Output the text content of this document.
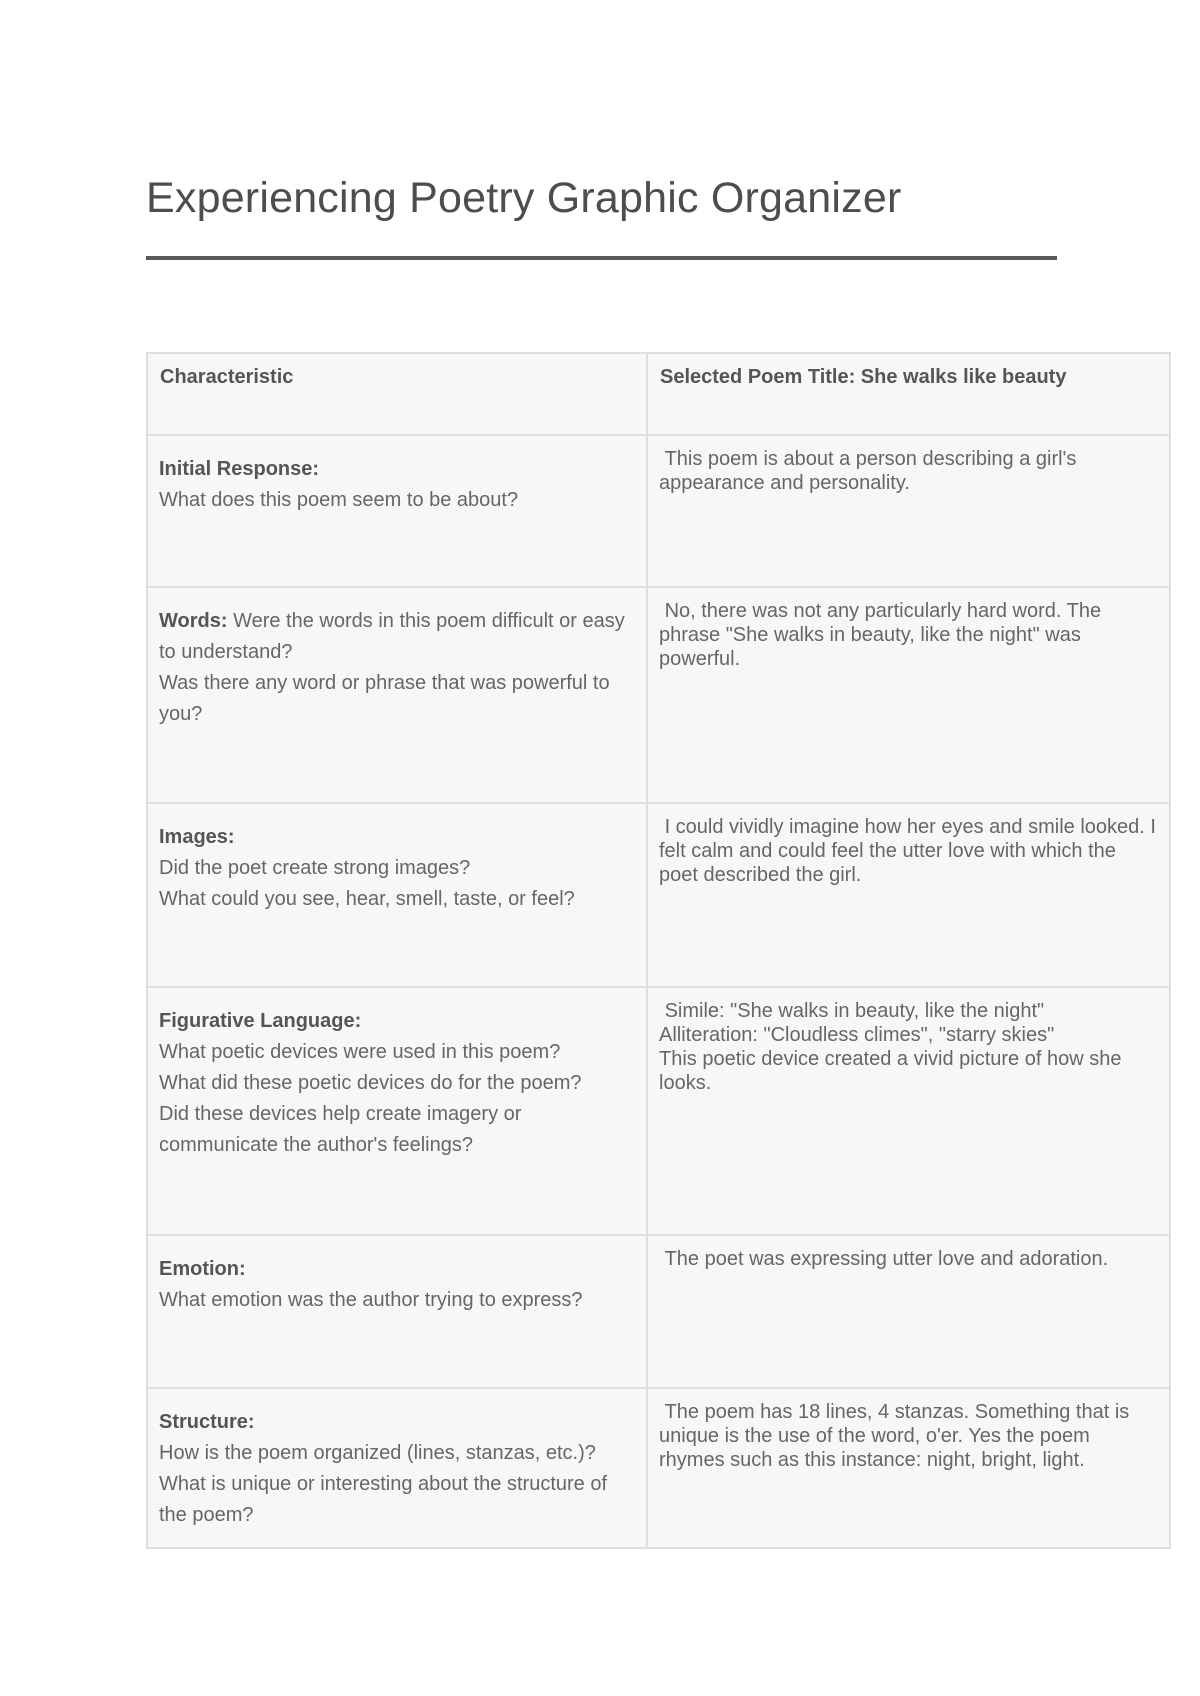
Experiencing Poetry Graphic Organizer
Characteristic	Selected Poem Title: She walks like beauty

Initial Response:
What does this poem seem to be about?	This poem is about a person describing a girl's appearance and personality.

Words: Were the words in this poem difficult or easy to understand?
Was there any word or phrase that was powerful to you?	No, there was not any particularly hard word. The phrase "She walks in beauty, like the night" was powerful.

Images:
Did the poet create strong images?
What could you see, hear, smell, taste, or feel?	I could vividly imagine how her eyes and smile looked. I felt calm and could feel the utter love with which the poet described the girl.

Figurative Language:
What poetic devices were used in this poem?
What did these poetic devices do for the poem?
Did these devices help create imagery or communicate the author's feelings?	Simile: "She walks in beauty, like the night"
Alliteration: "Cloudless climes", "starry skies"
This poetic device created a vivid picture of how she looks.

Emotion:
What emotion was the author trying to express?	The poet was expressing utter love and adoration.

Structure:
How is the poem organized (lines, stanzas, etc.)?
What is unique or interesting about the structure of the poem?	The poem has 18 lines, 4 stanzas. Something that is unique is the use of the word, o'er. Yes the poem rhymes such as this instance: night, bright, light.
